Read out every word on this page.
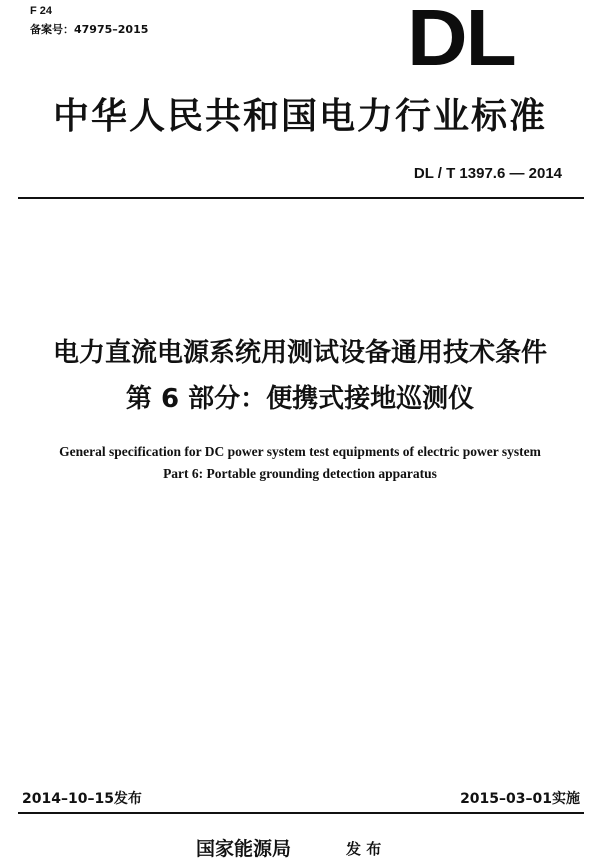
F 24
备案号：47975–2015	DL
中华人民共和国电力行业标准
DL / T 1397.6 — 2014
电力直流电源系统用测试设备通用技术条件
第 6 部分：便携式接地巡测仪
General specification for DC power system test equipments of electric power system
Part 6: Portable grounding detection apparatus
2014–10–15发布	2015–03–01实施
国家能源局	发 布
